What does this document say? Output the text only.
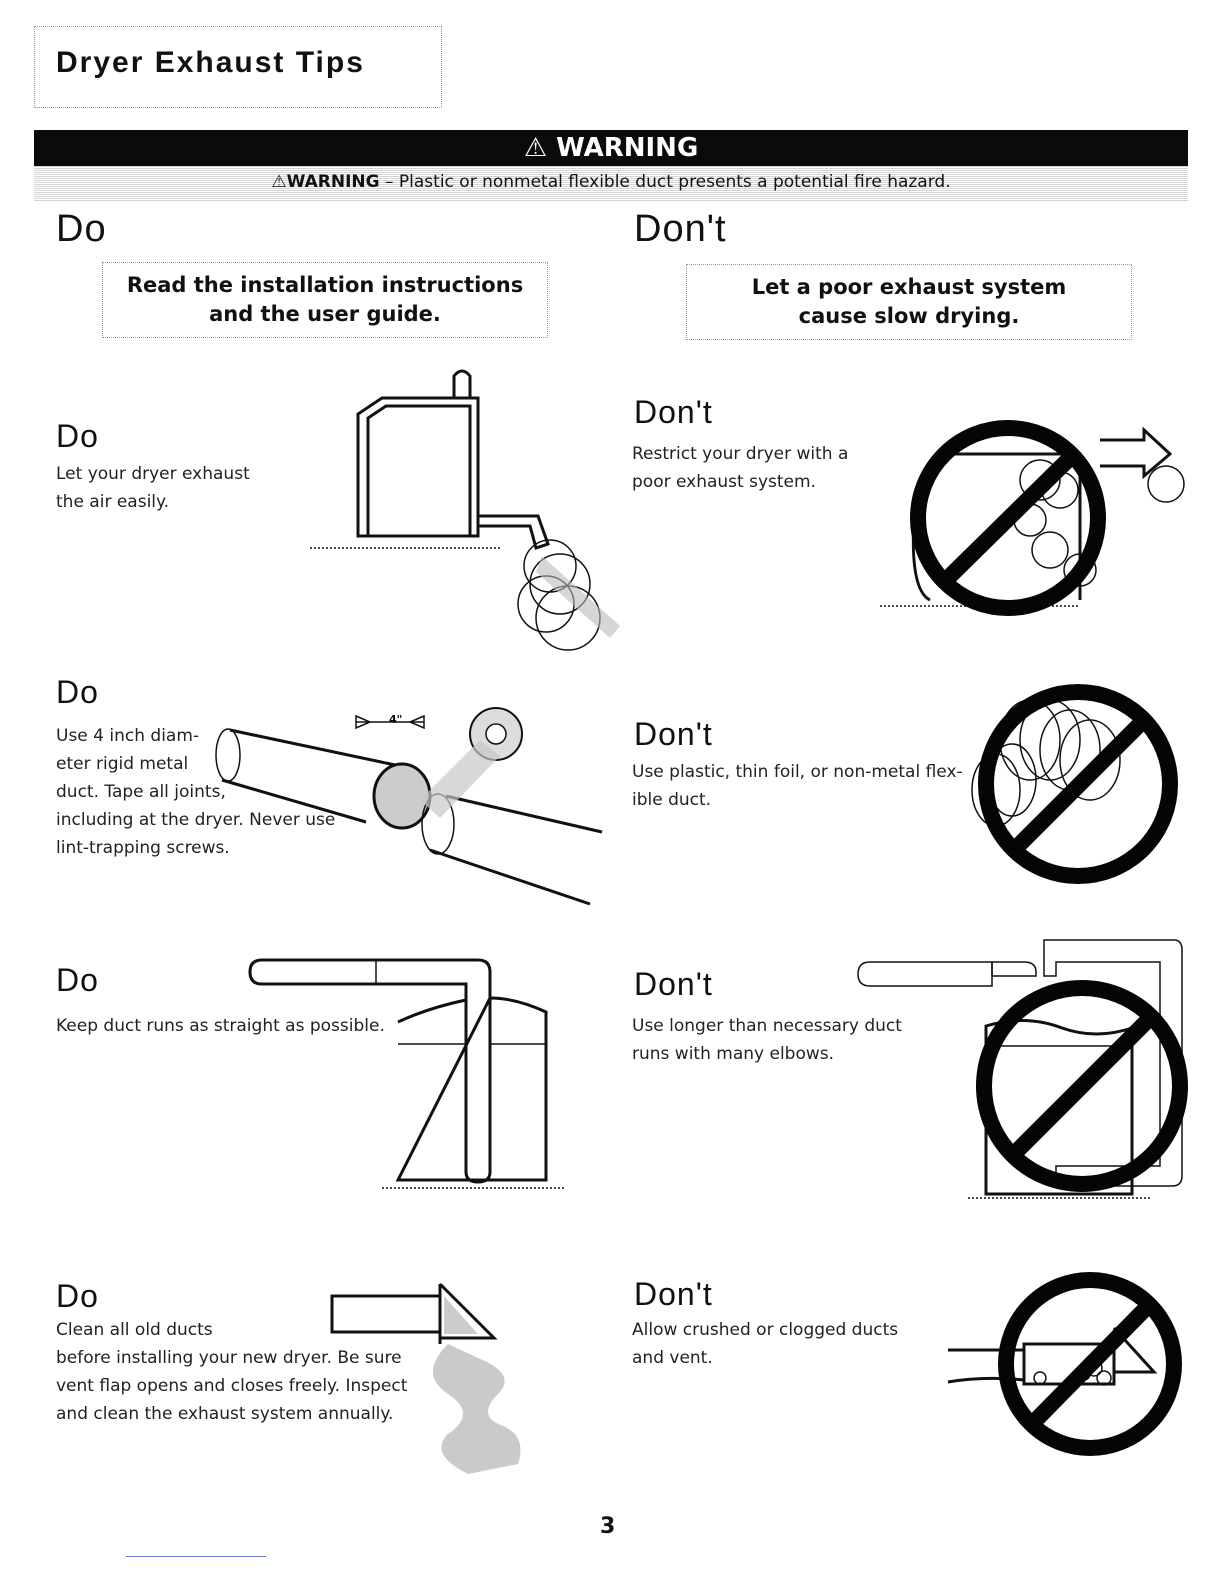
Dryer Exhaust Tips
⚠ WARNING
⚠WARNING – Plastic or nonmetal flexible duct presents a potential fire hazard.
Do	Don't
Read the installation instructions
and the user guide.
Let a poor exhaust system
cause slow drying.
Do
Let your dryer exhaust
the air easily.
Do
Use 4 inch diam-
eter rigid metal
duct. Tape all joints,
including at the dryer. Never use
lint-trapping screws.
4"
Do
Keep duct runs as straight as possible.
Do
Clean all old ducts
before installing your new dryer. Be sure
vent flap opens and closes freely. Inspect
and clean the exhaust system annually.
Don't
Restrict your dryer with a
poor exhaust system.
Don't
Use plastic, thin foil, or non-metal flex-
ible duct.
Don't
Use longer than necessary duct
runs with many elbows.
Don't
Allow crushed or clogged ducts
and vent.
3
